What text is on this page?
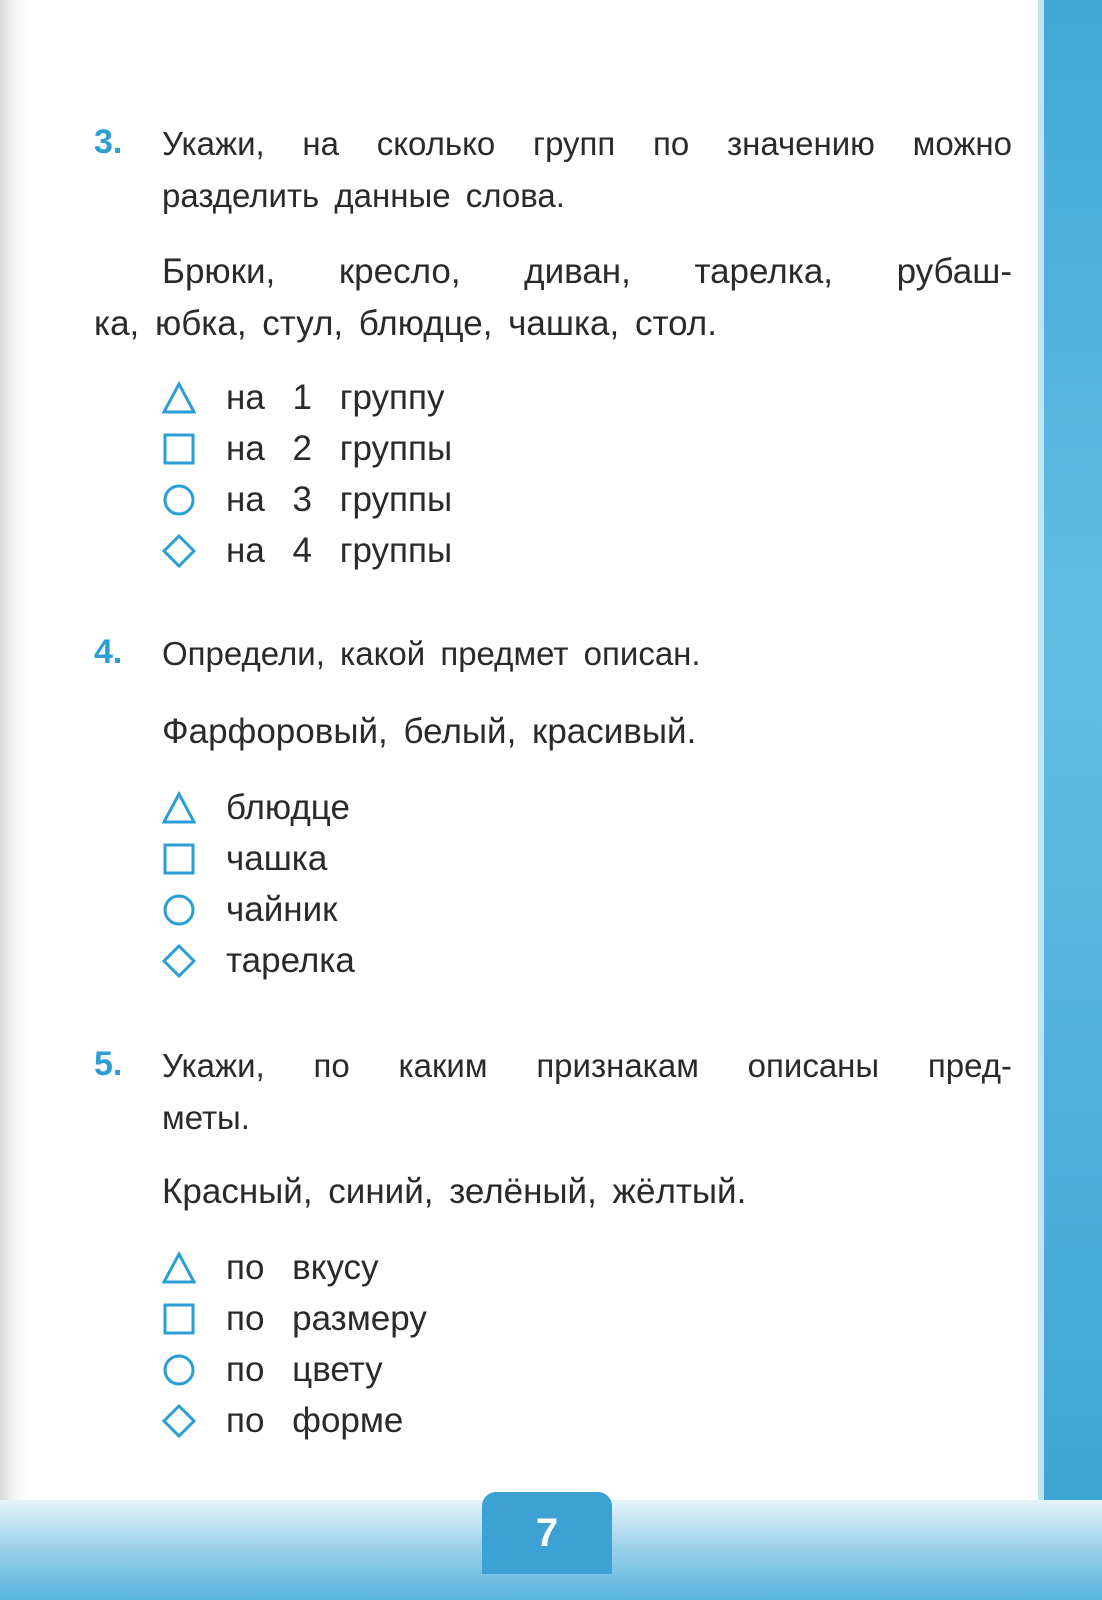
3. Укажи, на сколько групп по значению можно разделить данные слова.

Брюки, кресло, диван, тарелка, рубаш-

ка, юбка, стул, блюдце, чашка, стол.

на 1 группу
на 2 группы
на 3 группы
на 4 группы
4. Определи, какой предмет описан.

Фарфоровый, белый, красивый.

блюдце
чашка
чайник
тарелка
5. Укажи, по каким признакам описаны пред-

меты.

Красный, синий, зелёный, жёлтый.

по вкусу
по размеру
по цвету
по форме
7
